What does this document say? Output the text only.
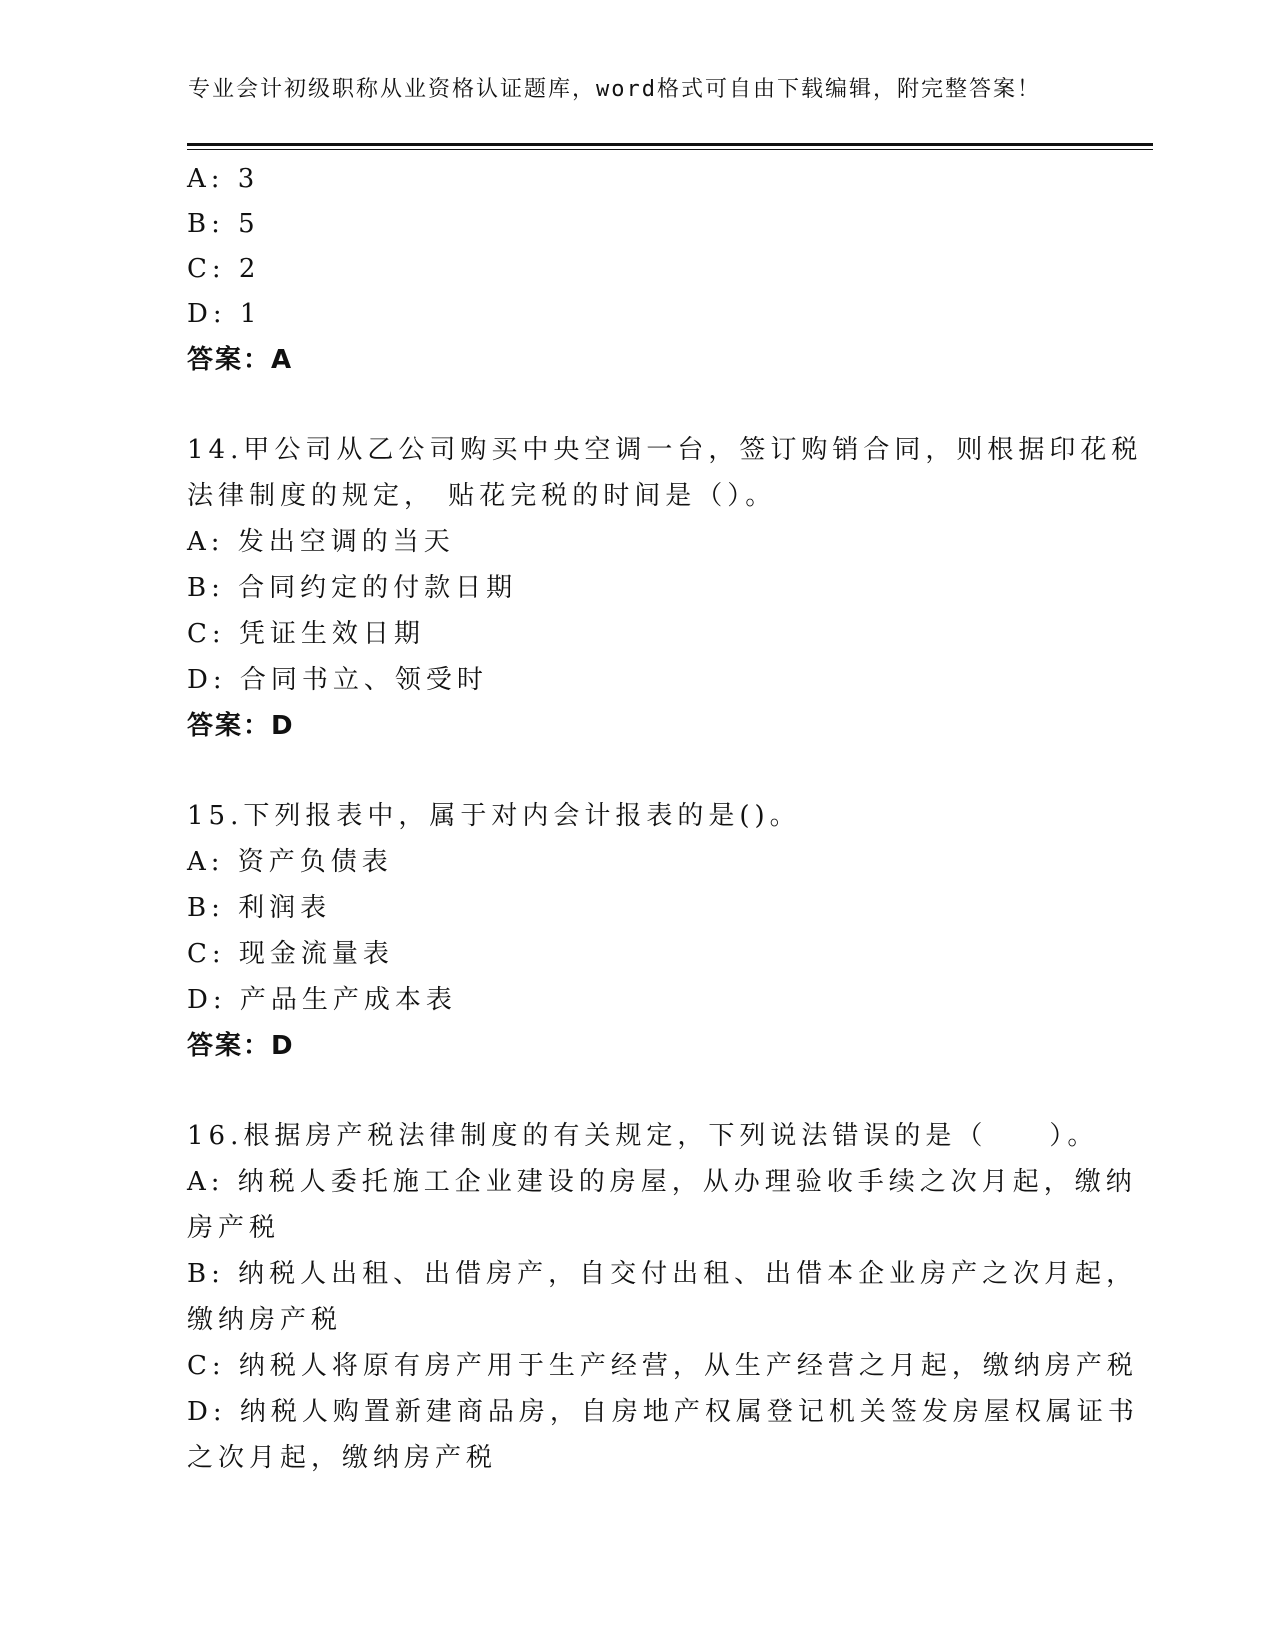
专业会计初级职称从业资格认证题库，word格式可自由下载编辑，附完整答案！
A: 3
B: 5
C: 2
D: 1
答案：A
14.甲公司从乙公司购买中央空调一台，签订购销合同，则根据印花税
法律制度的规定， 贴花完税的时间是（）。
A: 发出空调的当天
B: 合同约定的付款日期
C: 凭证生效日期
D: 合同书立、领受时
答案：D
15.下列报表中，属于对内会计报表的是()。
A: 资产负债表
B: 利润表
C: 现金流量表
D: 产品生产成本表
答案：D
16.根据房产税法律制度的有关规定，下列说法错误的是（　　）。
A: 纳税人委托施工企业建设的房屋，从办理验收手续之次月起，缴纳
房产税
B: 纳税人出租、出借房产，自交付出租、出借本企业房产之次月起，
缴纳房产税
C: 纳税人将原有房产用于生产经营，从生产经营之月起，缴纳房产税
D: 纳税人购置新建商品房，自房地产权属登记机关签发房屋权属证书
之次月起，缴纳房产税
